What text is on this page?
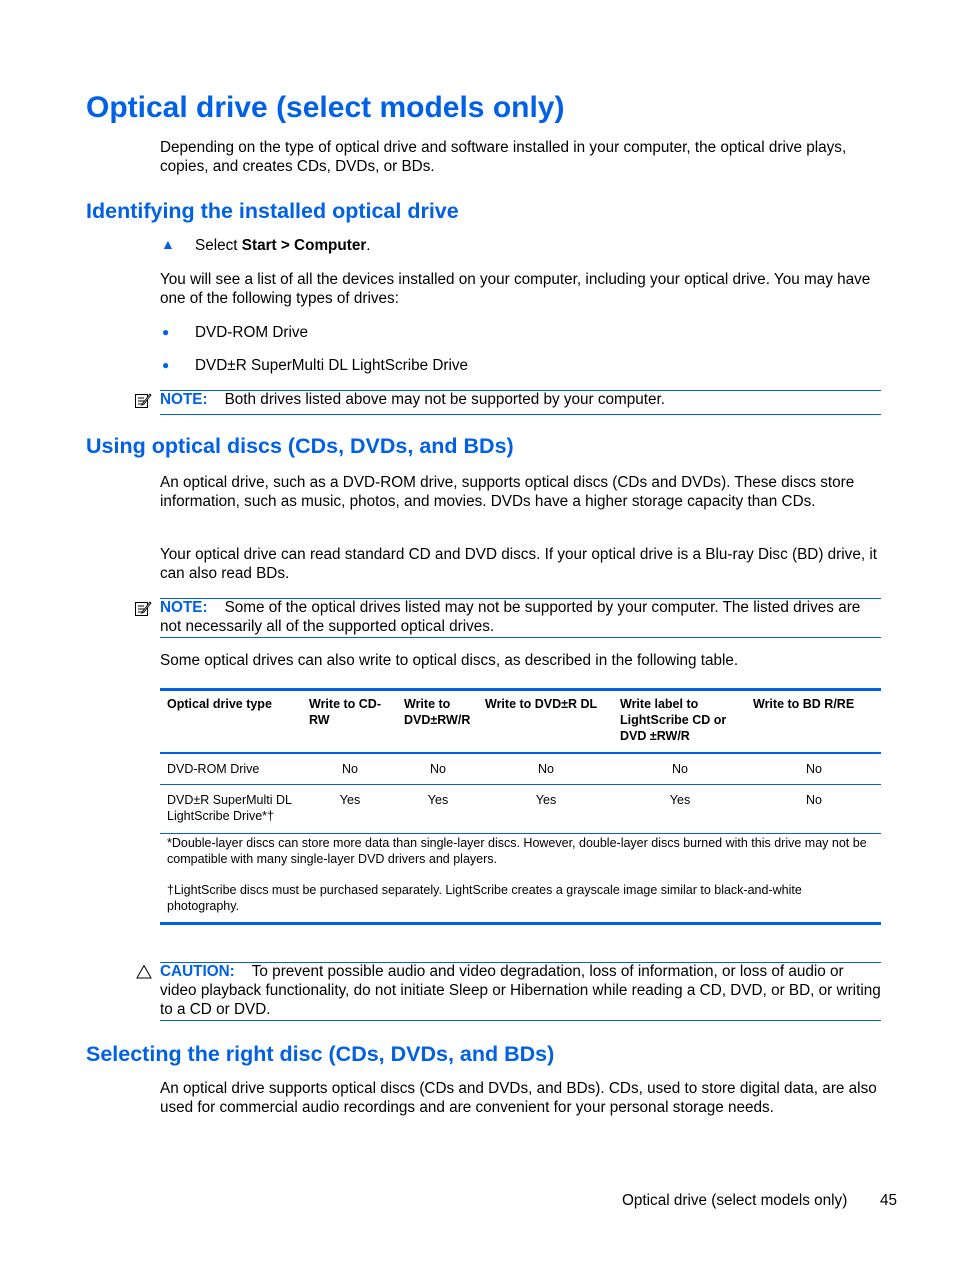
Optical drive (select models only)

Depending on the type of optical drive and software installed in your computer, the optical drive plays, copies, and creates CDs, DVDs, or BDs.

Identifying the installed optical drive
▲ Select Start > Computer.

You will see a list of all the devices installed on your computer, including your optical drive. You may have one of the following types of drives:

● DVD-ROM Drive
● DVD±R SuperMulti DL LightScribe Drive
NOTE: Both drives listed above may not be supported by your computer.
Using optical discs (CDs, DVDs, and BDs)

An optical drive, such as a DVD-ROM drive, supports optical discs (CDs and DVDs). These discs store information, such as music, photos, and movies. DVDs have a higher storage capacity than CDs.

Your optical drive can read standard CD and DVD discs. If your optical drive is a Blu-ray Disc (BD) drive, it can also read BDs.

NOTE: Some of the optical drives listed may not be supported by your computer. The listed drives are not necessarily all of the supported optical drives.

Some optical drives can also write to optical discs, as described in the following table.

Optical drive type	Write to CD-RW	Write to DVD±RW/R	Write to DVD±R DL	Write label to LightScribe CD or DVD ±RW/R	Write to BD R/RE
DVD-ROM Drive	No	No	No	No	No
DVD±R SuperMulti DL LightScribe Drive*†	Yes	Yes	Yes	Yes	No
*Double-layer discs can store more data than single-layer discs. However, double-layer discs burned with this drive may not be compatible with many single-layer DVD drivers and players.
†LightScribe discs must be purchased separately. LightScribe creates a grayscale image similar to black-and-white photography.
CAUTION: To prevent possible audio and video degradation, loss of information, or loss of audio or video playback functionality, do not initiate Sleep or Hibernation while reading a CD, DVD, or BD, or writing to a CD or DVD.
Selecting the right disc (CDs, DVDs, and BDs)

An optical drive supports optical discs (CDs and DVDs, and BDs). CDs, used to store digital data, are also used for commercial audio recordings and are convenient for your personal storage needs.

Optical drive (select models only) 45
